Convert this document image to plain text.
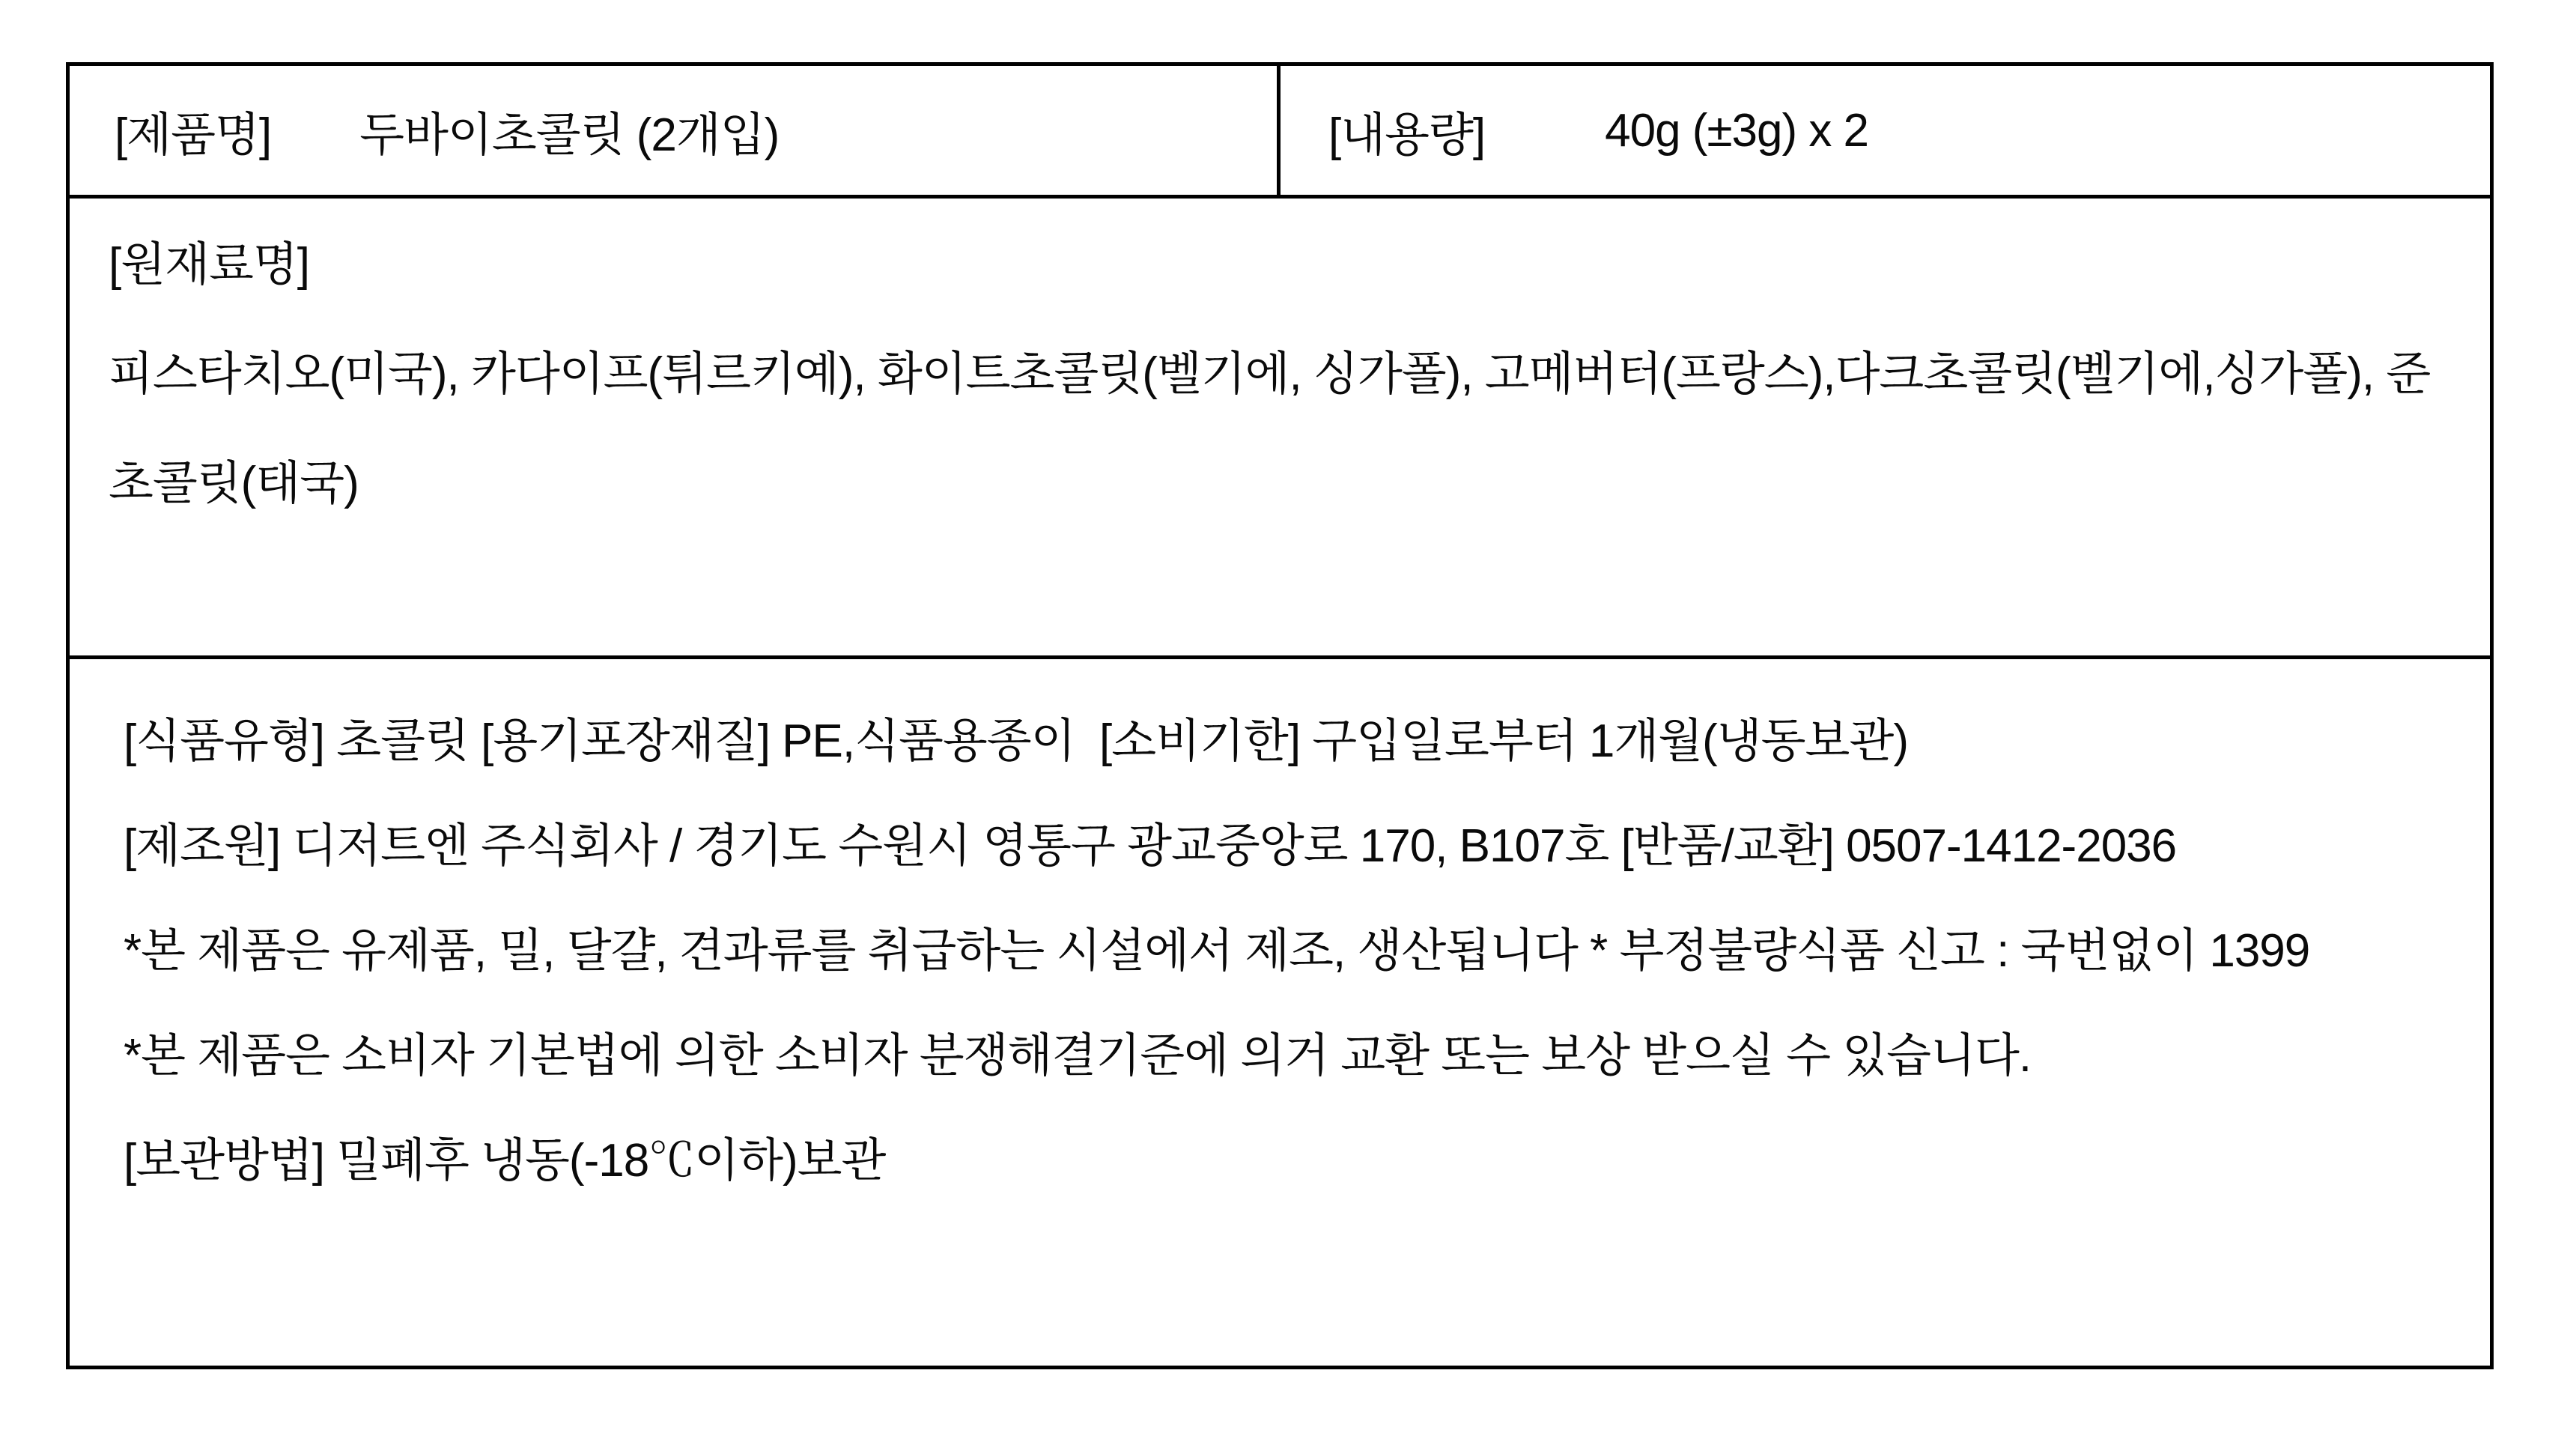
[제품명] 두바이초콜릿 (2개입)	[내용량]	40g (±3g) x 2
[원재료명]
피스타치오(미국), 카다이프(튀르키예), 화이트초콜릿(벨기에, 싱가폴), 고메버터(프랑스),다크초콜릿(벨기에,싱가폴), 준초콜릿(태국)
[식품유형] 초콜릿 [용기포장재질] PE,식품용종이  [소비기한] 구입일로부터 1개월(냉동보관)
[제조원] 디저트엔 주식회사 / 경기도 수원시 영통구 광교중앙로 170, B107호 [반품/교환] 0507-1412-2036
*본 제품은 유제품, 밀, 달걀, 견과류를 취급하는 시설에서 제조, 생산됩니다 * 부정불량식품 신고 : 국번없이 1399
*본 제품은 소비자 기본법에 의한 소비자 분쟁해결기준에 의거 교환 또는 보상 받으실 수 있습니다.
[보관방법] 밀폐후 냉동(-18℃이하)보관
